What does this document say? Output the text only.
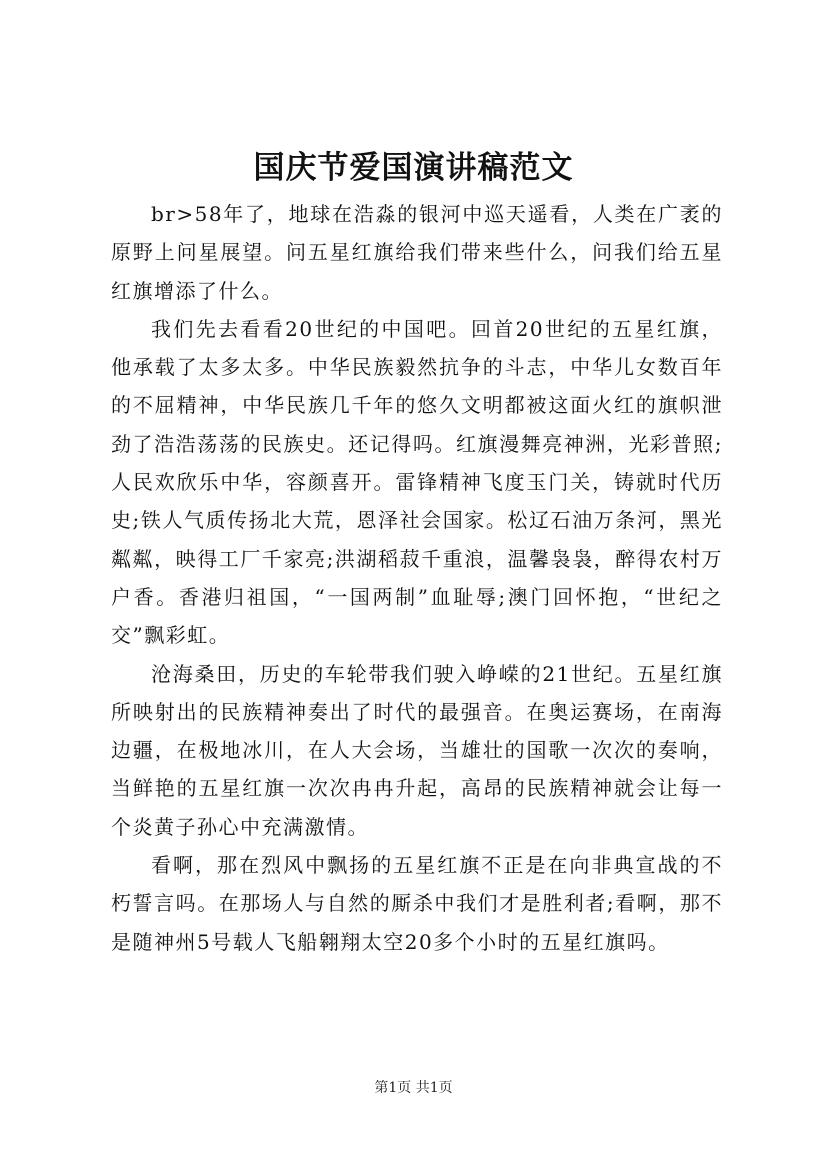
国庆节爱国演讲稿范文

br>58年了，地球在浩淼的银河中巡天遥看，人类在广袤的原野上问星展望。问五星红旗给我们带来些什么，问我们给五星红旗增添了什么。

我们先去看看20世纪的中国吧。回首20世纪的五星红旗，他承载了太多太多。中华民族毅然抗争的斗志，中华儿女数百年的不屈精神，中华民族几千年的悠久文明都被这面火红的旗帜泄劲了浩浩荡荡的民族史。还记得吗。红旗漫舞亮神洲，光彩普照;人民欢欣乐中华，容颜喜开。雷锋精神飞度玉门关，铸就时代历史;铁人气质传扬北大荒，恩泽社会国家。松辽石油万条河，黑光粼粼，映得工厂千家亮;洪湖稻菽千重浪，温馨袅袅，醉得农村万户香。香港归祖国，“一国两制”血耻辱;澳门回怀抱，“世纪之交”飘彩虹。

沧海桑田，历史的车轮带我们驶入峥嵘的21世纪。五星红旗所映射出的民族精神奏出了时代的最强音。在奥运赛场，在南海边疆，在极地冰川，在人大会场，当雄壮的国歌一次次的奏响，当鲜艳的五星红旗一次次冉冉升起，高昂的民族精神就会让每一个炎黄子孙心中充满激情。

看啊，那在烈风中飘扬的五星红旗不正是在向非典宣战的不朽誓言吗。在那场人与自然的厮杀中我们才是胜利者;看啊，那不是随神州5号载人飞船翱翔太空20多个小时的五星红旗吗。

第1页 共1页
